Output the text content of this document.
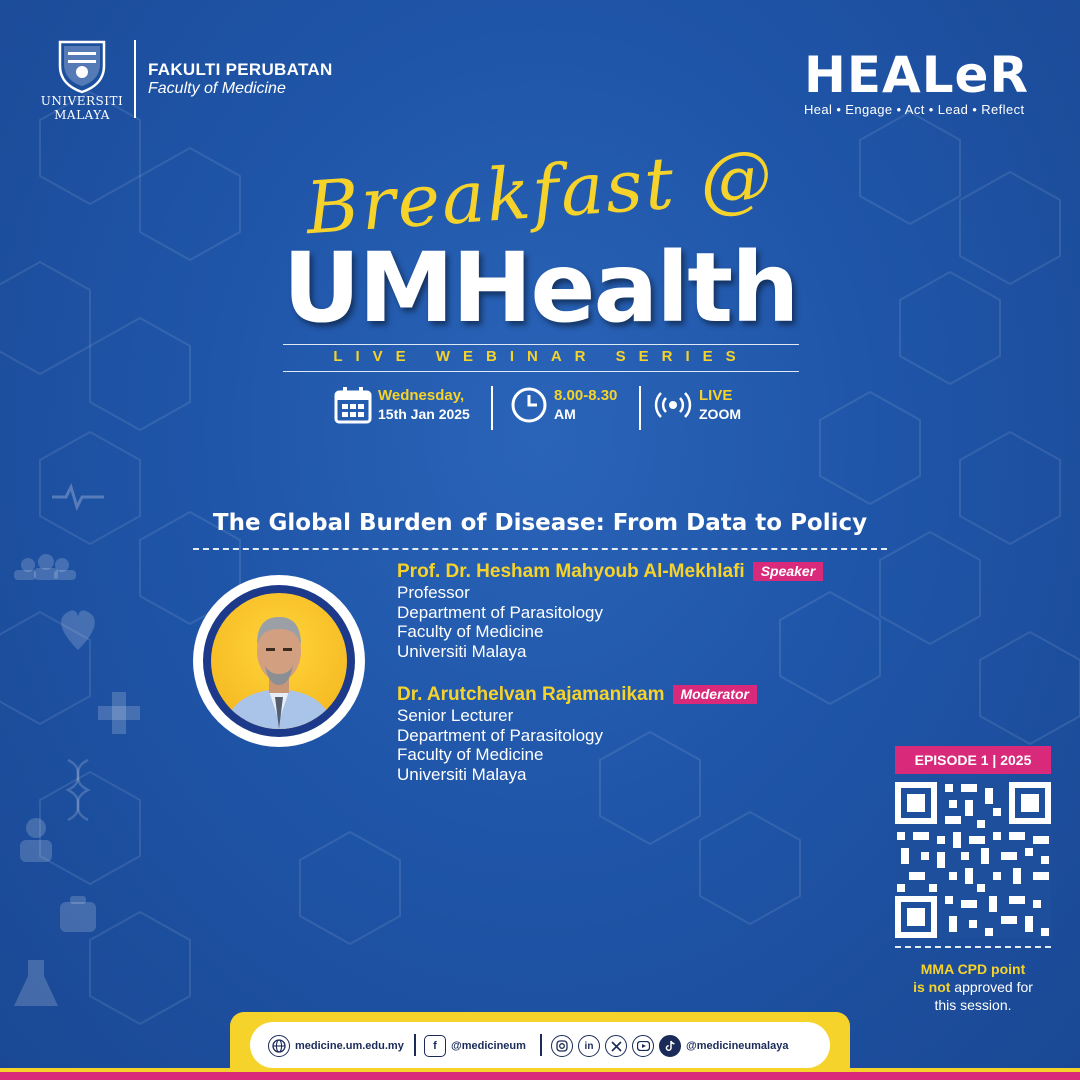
UNIVERSITI MALAYA
FAKULTI PERUBATAN
Faculty of Medicine	HEALeR
Heal • Engage • Act • Lead • Reflect
Breakfast @
UMHealth
LIVE WEBINAR SERIES
Wednesday,
15th Jan 2025
8.00-8.30
AM
LIVE
ZOOM
The Global Burden of Disease: From Data to Policy
Prof. Dr. Hesham Mahyoub Al-Mekhlafi Speaker
Professor
Department of Parasitology
Faculty of Medicine
Universiti Malaya
Dr. Arutchelvan Rajamanikam Moderator
Senior Lecturer
Department of Parasitology
Faculty of Medicine
Universiti Malaya
EPISODE 1 | 2025
MMA CPD point
is not approved for
this session.
medicine.um.edu.my	f	@medicineum	in	@medicineumalaya
